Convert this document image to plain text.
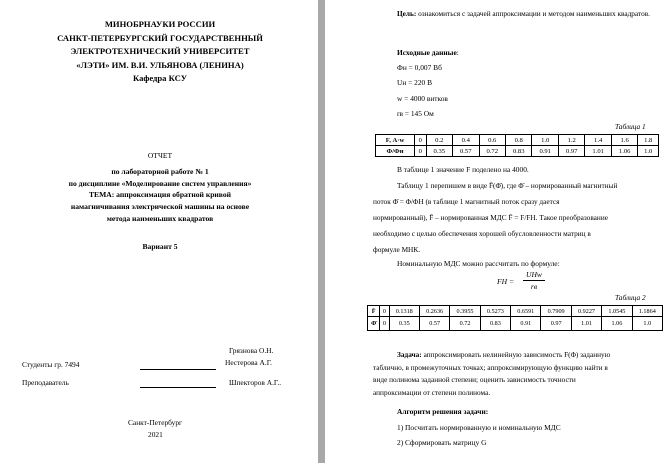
МИНОБРНАУКИ РОССИИ
САНКТ-ПЕТЕРБУРГСКИЙ ГОСУДАРСТВЕННЫЙ
ЭЛЕКТРОТЕХНИЧЕСКИЙ УНИВЕРСИТЕТ
«ЛЭТИ» ИМ. В.И. УЛЬЯНОВА (ЛЕНИНА)
Кафедра КСУ
ОТЧЕТ
по лабораторной работе № 1
по дисциплине «Моделирование систем управления»
ТЕМА: аппроксимация обратной кривой
намагничивания электрической машины на основе
метода наименьших квадратов
Вариант 5
Грязнова О.Н.
Студенты гр. 7494	Нестерова А.Г.
Преподаватель	Шпекторов А.Г..
Санкт-Петербург
2021
Цель: ознакомиться с задачей аппроксимации и методом наименьших квадратов.
Исходные данные:
Фн = 0,007 Вб
Uн = 220 В
w = 4000 витков
rв = 145 Ом
Таблица 1
F, А·w	0	0.2	0.4	0.6	0.8	1.0	1.2	1.4	1.6	1.8
Ф/Фн	0	0.35	0.57	0.72	0.83	0.91	0.97	1.01	1.06	1.0
В таблице 1 значение F поделено на 4000.
Таблицу 1 перепишем в виде F̄(Φ̄), где Φ̄ – нормированный магнитный
поток Φ̄ = Φ/ΦН (в таблице 1 магнитный поток сразу дается
нормированный), F̄ – нормированная МДС F̄ = F/FН. Такое преобразование
необходимо с целью обеспечения хорошей обусловленности матриц в
формуле МНК.
Номинальную МДС можно рассчитать по формуле:
FН =
UНw
rв
Таблица 2
F̄	0	0.1318	0.2636	0.3955	0.5273	0.6591	0.7909	0.9227	1.0545	1.1864
Φ̄	0	0.35	0.57	0.72	0.83	0.91	0.97	1.01	1.06	1.0
Задача: аппроксимировать нелинейную зависимость F(Φ) заданную
таблично, в промежуточных точках; аппроксимирующую функцию найти в
виде полинома заданной степени; оценить зависимость точности
аппроксимации от степени полинома.
Алгоритм решения задачи:
1) Посчитать нормированную и номинальную МДС
2) Сформировать матрицу G
